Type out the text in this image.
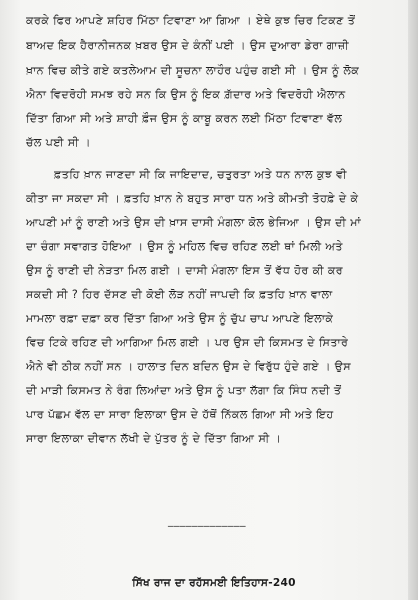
ਕਰਕੇ ਫਿਰ ਆਪਣੇ ਸ਼ਹਿਰ ਮਿੱਠਾ ਟਿਵਾਣਾ ਆ ਗਿਆ । ਏਥੇ ਕੁਝ ਚਿਰ ਟਿਕਣ ਤੋਂ
ਬਾਅਦ ਇਕ ਹੈਰਾਨੀਜਨਕ ਖ਼ਬਰ ਉਸ ਦੇ ਕੰਨੀਂ ਪਈ । ਉਸ ਦੁਆਰਾ ਡੇਰਾ ਗਾਜ਼ੀ
ਖ਼ਾਨ ਵਿਚ ਕੀਤੇ ਗਏ ਕਤਲੇਆਮ ਦੀ ਸੂਚਨਾ ਲਾਹੌਰ ਪਹੁੰਚ ਗਈ ਸੀ । ਉਸ ਨੂੰ ਲੋਕ
ਐਨਾ ਵਿਦਰੋਹੀ ਸਮਝ ਰਹੇ ਸਨ ਕਿ ਉਸ ਨੂੰ ਇਕ ਗ਼ੱਦਾਰ ਅਤੇ ਵਿਦਰੋਹੀ ਐਲਾਨ
ਦਿੱਤਾ ਗਿਆ ਸੀ ਅਤੇ ਸ਼ਾਹੀ ਫ਼ੌਜ ਉਸ ਨੂੰ ਕਾਬੂ ਕਰਨ ਲਈ ਮਿੱਠਾ ਟਿਵਾਣਾ ਵੱਲ
ਚੱਲ ਪਈ ਸੀ ।
ਫ਼ਤਹਿ ਖ਼ਾਨ ਜਾਣਦਾ ਸੀ ਕਿ ਜਾਇਦਾਦ, ਚਤੁਰਤਾ ਅਤੇ ਧਨ ਨਾਲ ਕੁਝ ਵੀ
ਕੀਤਾ ਜਾ ਸਕਦਾ ਸੀ । ਫ਼ਤਹਿ ਖ਼ਾਨ ਨੇ ਬਹੁਤ ਸਾਰਾ ਧਨ ਅਤੇ ਕੀਮਤੀ ਤੋਹਫ਼ੇ ਦੇ ਕੇ
ਆਪਣੀ ਮਾਂ ਨੂੰ ਰਾਣੀ ਅਤੇ ਉਸ ਦੀ ਖ਼ਾਸ ਦਾਸੀ ਮੰਗਲਾ ਕੋਲ ਭੇਜਿਆ । ਉਸ ਦੀ ਮਾਂ
ਦਾ ਚੰਗਾ ਸਵਾਗਤ ਹੋਇਆ । ਉਸ ਨੂੰ ਮਹਿਲ ਵਿਚ ਰਹਿਣ ਲਈ ਥਾਂ ਮਿਲੀ ਅਤੇ
ਉਸ ਨੂੰ ਰਾਣੀ ਦੀ ਨੇੜਤਾ ਮਿਲ ਗਈ । ਦਾਸੀ ਮੰਗਲਾ ਇਸ ਤੋਂ ਵੱਧ ਹੋਰ ਕੀ ਕਰ
ਸਕਦੀ ਸੀ ? ਹਿਰ ਦੱਸਣ ਦੀ ਕੋਈ ਲੋੜ ਨਹੀਂ ਜਾਪਦੀ ਕਿ ਫ਼ਤਹਿ ਖ਼ਾਨ ਵਾਲਾ
ਮਾਮਲਾ ਰਫ਼ਾ ਦਫ਼ਾ ਕਰ ਦਿੱਤਾ ਗਿਆ ਅਤੇ ਉਸ ਨੂੰ ਚੁੱਪ ਚਾਪ ਆਪਣੇ ਇਲਾਕੇ
ਵਿਚ ਟਿਕੇ ਰਹਿਣ ਦੀ ਆਗਿਆ ਮਿਲ ਗਈ । ਪਰ ਉਸ ਦੀ ਕਿਸਮਤ ਦੇ ਸਿਤਾਰੇ
ਐਨੇ ਵੀ ਠੀਕ ਨਹੀਂ ਸਨ । ਹਾਲਾਤ ਦਿਨ ਬਦਿਨ ਉਸ ਦੇ ਵਿਰੁੱਧ ਹੁੰਦੇ ਗਏ । ਉਸ
ਦੀ ਮਾੜੀ ਕਿਸਮਤ ਨੇ ਰੰਗ ਲਿਆਂਦਾ ਅਤੇ ਉਸ ਨੂੰ ਪਤਾ ਲੱਗਾ ਕਿ ਸਿੰਧ ਨਦੀ ਤੋਂ
ਪਾਰ ਪੱਛਮ ਵੱਲ ਦਾ ਸਾਰਾ ਇਲਾਕਾ ਉਸ ਦੇ ਹੱਥੋਂ ਨਿੱਕਲ ਗਿਆ ਸੀ ਅਤੇ ਇਹ
ਸਾਰਾ ਇਲਾਕਾ ਦੀਵਾਨ ਲੱਖੀ ਦੇ ਪੁੱਤਰ ਨੂੰ ਦੇ ਦਿੱਤਾ ਗਿਆ ਸੀ ।
_____________
ਸਿੱਖ ਰਾਜ ਦਾ ਰਹੱਸਮਈ ਇਤਿਹਾਸ-240
